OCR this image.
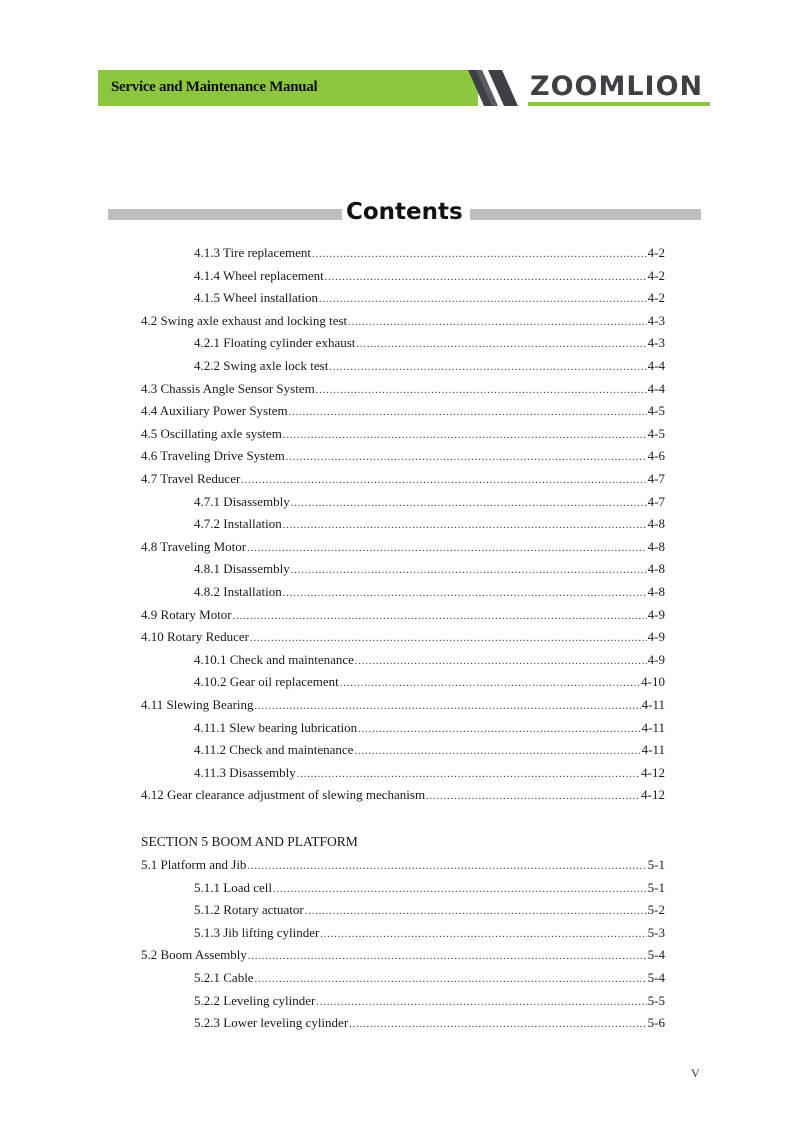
Service and Maintenance Manual	ZOOMLION
Contents
4.1.3 Tire replacement .....	4-2
4.1.4 Wheel replacement .....	4-2
4.1.5 Wheel installation .....	4-2
4.2 Swing axle exhaust and locking test .....	4-3
4.2.1 Floating cylinder exhaust .....	4-3
4.2.2 Swing axle lock test .....	4-4
4.3 Chassis Angle Sensor System .....	4-4
4.4 Auxiliary Power System .....	4-5
4.5 Oscillating axle system .....	4-5
4.6 Traveling Drive System .....	4-6
4.7 Travel Reducer .....	4-7
4.7.1 Disassembly .....	4-7
4.7.2 Installation .....	4-8
4.8 Traveling Motor .....	4-8
4.8.1 Disassembly .....	4-8
4.8.2 Installation .....	4-8
4.9 Rotary Motor .....	4-9
4.10 Rotary Reducer .....	4-9
4.10.1 Check and maintenance .....	4-9
4.10.2 Gear oil replacement .....	4-10
4.11 Slewing Bearing .....	4-11
4.11.1 Slew bearing lubrication .....	4-11
4.11.2 Check and maintenance .....	4-11
4.11.3 Disassembly .....	4-12
4.12 Gear clearance adjustment of slewing mechanism .....	4-12
5.1 Platform and Jib .....	5-1
5.1.1 Load cell .....	5-1
5.1.2 Rotary actuator .....	5-2
5.1.3 Jib lifting cylinder .....	5-3
5.2 Boom Assembly .....	5-4
5.2.1 Cable .....	5-4
5.2.2 Leveling cylinder .....	5-5
5.2.3 Lower leveling cylinder .....	5-6
SECTION 5 BOOM AND PLATFORM
V
